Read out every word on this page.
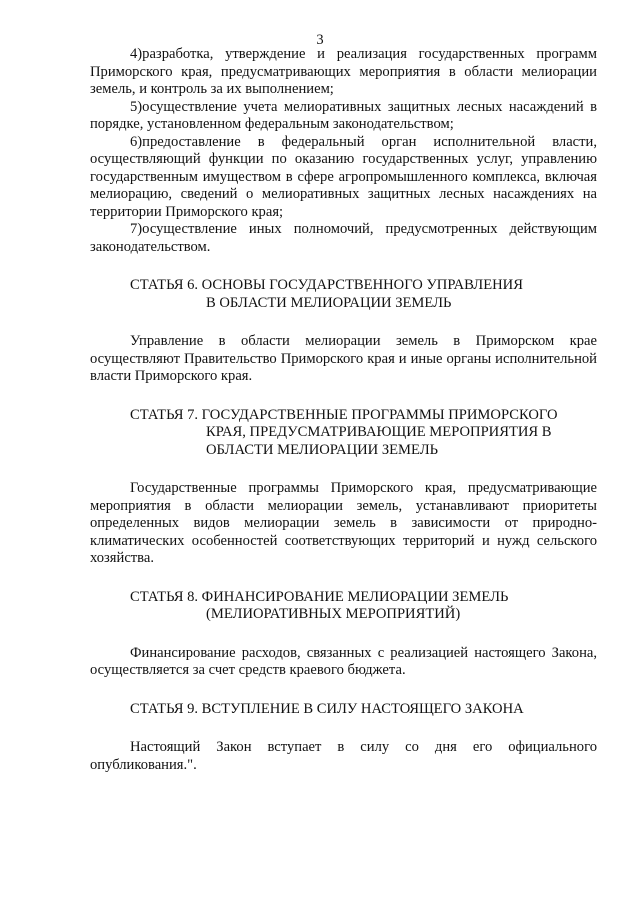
3

4)разработка, утверждение и реализация государственных программ Приморского края, предусматривающих мероприятия в области мелиорации земель, и контроль за их выполнением;

5)осуществление учета мелиоративных защитных лесных насаждений в порядке, установленном федеральным законодательством;

6)предоставление в федеральный орган исполнительной власти, осуществляющий функции по оказанию государственных услуг, управлению государственным имуществом в сфере агропромышленного комплекса, включая мелиорацию, сведений о мелиоративных защитных лесных насаждениях на территории Приморского края;

7)осуществление иных полномочий, предусмотренных действующим законодательством.

СТАТЬЯ 6. ОСНОВЫ ГОСУДАРСТВЕННОГО УПРАВЛЕНИЯ
В ОБЛАСТИ МЕЛИОРАЦИИ ЗЕМЕЛЬ

Управление в области мелиорации земель в Приморском крае осуществляют Правительство Приморского края и иные органы исполнительной власти Приморского края.

СТАТЬЯ 7. ГОСУДАРСТВЕННЫЕ ПРОГРАММЫ ПРИМОРСКОГО
КРАЯ, ПРЕДУСМАТРИВАЮЩИЕ МЕРОПРИЯТИЯ В
ОБЛАСТИ МЕЛИОРАЦИИ ЗЕМЕЛЬ

Государственные программы Приморского края, предусматривающие мероприятия в области мелиорации земель, устанавливают приоритеты определенных видов мелиорации земель в зависимости от природно-климатических особенностей соответствующих территорий и нужд сельского хозяйства.

СТАТЬЯ 8. ФИНАНСИРОВАНИЕ МЕЛИОРАЦИИ ЗЕМЕЛЬ
(МЕЛИОРАТИВНЫХ МЕРОПРИЯТИЙ)

Финансирование расходов, связанных с реализацией настоящего Закона, осуществляется за счет средств краевого бюджета.

СТАТЬЯ 9. ВСТУПЛЕНИЕ В СИЛУ НАСТОЯЩЕГО ЗАКОНА

Настоящий Закон вступает в силу со дня его официального опубликования.".
